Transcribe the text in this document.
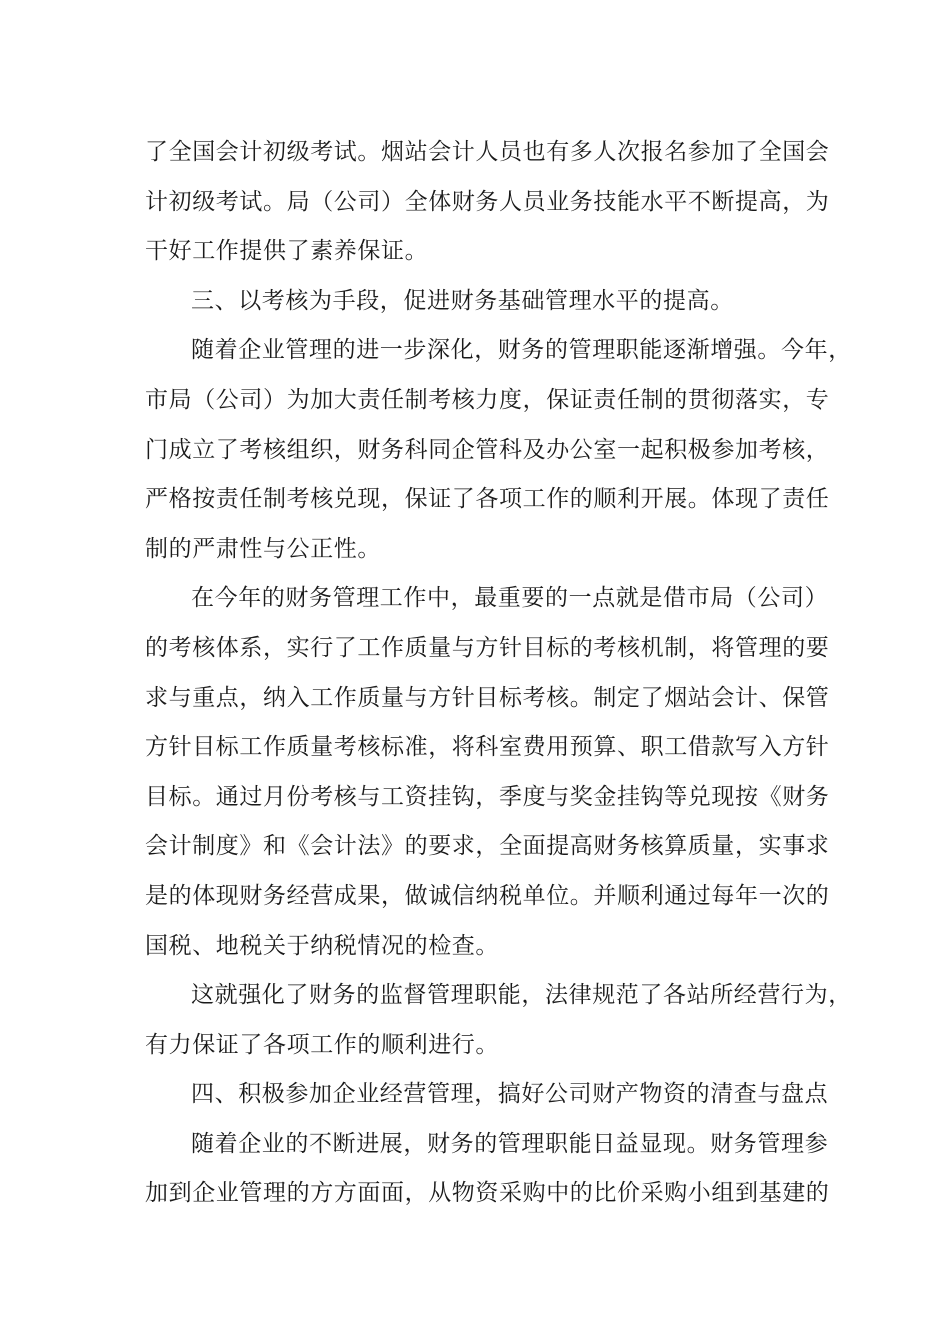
了全国会计初级考试。烟站会计人员也有多人次报名参加了全国会
计初级考试。局（公司）全体财务人员业务技能水平不断提高，为
干好工作提供了素养保证。
三、以考核为手段，促进财务基础管理水平的提高。
随着企业管理的进一步深化，财务的管理职能逐渐增强。今年，
市局（公司）为加大责任制考核力度，保证责任制的贯彻落实，专
门成立了考核组织，财务科同企管科及办公室一起积极参加考核，
严格按责任制考核兑现，保证了各项工作的顺利开展。体现了责任
制的严肃性与公正性。
在今年的财务管理工作中，最重要的一点就是借市局（公司）
的考核体系，实行了工作质量与方针目标的考核机制，将管理的要
求与重点，纳入工作质量与方针目标考核。制定了烟站会计、保管
方针目标工作质量考核标准，将科室费用预算、职工借款写入方针
目标。通过月份考核与工资挂钩，季度与奖金挂钩等兑现按《财务
会计制度》和《会计法》的要求，全面提高财务核算质量，实事求
是的体现财务经营成果，做诚信纳税单位。并顺利通过每年一次的
国税、地税关于纳税情况的检查。
这就强化了财务的监督管理职能，法律规范了各站所经营行为，
有力保证了各项工作的顺利进行。
四、积极参加企业经营管理，搞好公司财产物资的清查与盘点
随着企业的不断进展，财务的管理职能日益显现。财务管理参
加到企业管理的方方面面，从物资采购中的比价采购小组到基建的
